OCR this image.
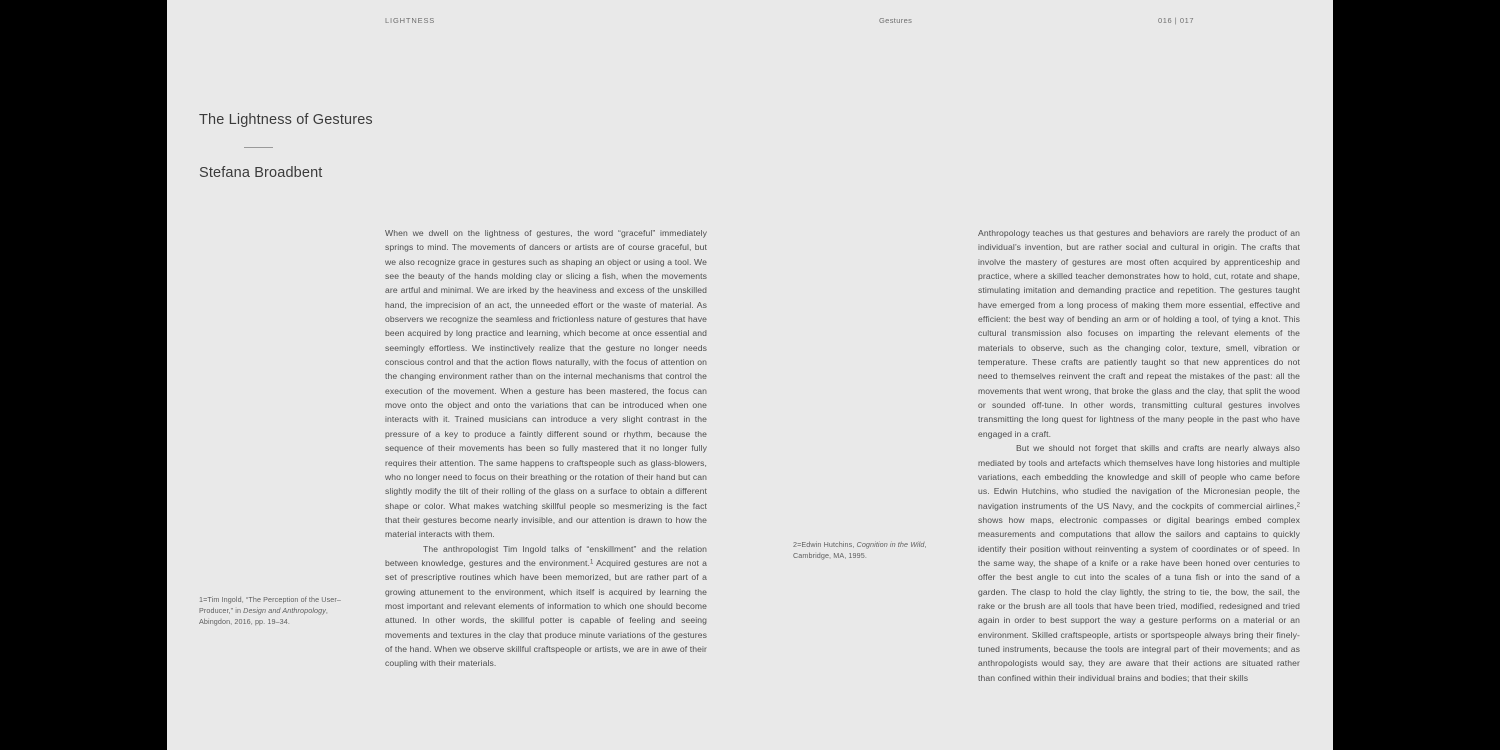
LIGHTNESS	Gestures	016 | 017
The Lightness of Gestures
Stefana Broadbent

When we dwell on the lightness of gestures, the word “graceful” immediately springs to mind. The movements of dancers or artists are of course graceful, but we also recognize grace in gestures such as shaping an object or using a tool. We see the beauty of the hands molding clay or slicing a fish, when the movements are artful and minimal. We are irked by the heaviness and excess of the unskilled hand, the imprecision of an act, the unneeded effort or the waste of material. As observers we recognize the seamless and frictionless nature of gestures that have been acquired by long practice and learning, which become at once essential and seemingly effortless. We instinctively realize that the gesture no longer needs conscious control and that the action flows naturally, with the focus of attention on the changing environment rather than on the internal mechanisms that control the execution of the movement. When a gesture has been mastered, the focus can move onto the object and onto the variations that can be introduced when one interacts with it. Trained musicians can introduce a very slight contrast in the pressure of a key to produce a faintly different sound or rhythm, because the sequence of their movements has been so fully mastered that it no longer fully requires their attention. The same happens to craftspeople such as glass-blowers, who no longer need to focus on their breathing or the rotation of their hand but can slightly modify the tilt of their rolling of the glass on a surface to obtain a different shape or color. What makes watching skillful people so mesmerizing is the fact that their gestures become nearly invisible, and our attention is drawn to how the material interacts with them.

The anthropologist Tim Ingold talks of “enskillment” and the relation between knowledge, gestures and the environment.$^1$ Acquired gestures are not a set of prescriptive routines which have been memorized, but are rather part of a growing attunement to the environment, which itself is acquired by learning the most important and relevant elements of information to which one should become attuned. In other words, the skillful potter is capable of feeling and seeing movements and textures in the clay that produce minute variations of the gestures of the hand. When we observe skillful craftspeople or artists, we are in awe of their coupling with their materials.

Anthropology teaches us that gestures and behaviors are rarely the product of an individual’s invention, but are rather social and cultural in origin. The crafts that involve the mastery of gestures are most often acquired by apprenticeship and practice, where a skilled teacher demonstrates how to hold, cut, rotate and shape, stimulating imitation and demanding practice and repetition. The gestures taught have emerged from a long process of making them more essential, effective and efficient: the best way of bending an arm or of holding a tool, of tying a knot. This cultural transmission also focuses on imparting the relevant elements of the materials to observe, such as the changing color, texture, smell, vibration or temperature. These crafts are patiently taught so that new apprentices do not need to themselves reinvent the craft and repeat the mistakes of the past: all the movements that went wrong, that broke the glass and the clay, that split the wood or sounded off-tune. In other words, transmitting cultural gestures involves transmitting the long quest for lightness of the many people in the past who have engaged in a craft.

But we should not forget that skills and crafts are nearly always also mediated by tools and artefacts which themselves have long histories and multiple variations, each embedding the knowledge and skill of people who came before us. Edwin Hutchins, who studied the navigation of the Micronesian people, the navigation instruments of the US Navy, and the cockpits of commercial airlines,$^2$ shows how maps, electronic compasses or digital bearings embed complex measurements and computations that allow the sailors and captains to quickly identify their position without reinventing a system of coordinates or of speed. In the same way, the shape of a knife or a rake have been honed over centuries to offer the best angle to cut into the scales of a tuna fish or into the sand of a garden. The clasp to hold the clay lightly, the string to tie, the bow, the sail, the rake or the brush are all tools that have been tried, modified, redesigned and tried again in order to best support the way a gesture performs on a material or an environment. Skilled craftspeople, artists or sportspeople always bring their finely-tuned instruments, because the tools are integral part of their movements; and as anthropologists would say, they are aware that their actions are situated rather than confined within their individual brains and bodies; that their skills

1=Tim Ingold, “The Perception of the User–Producer,” in Design and Anthropology, Abingdon, 2016, pp. 19–34.
2=Edwin Hutchins, Cognition in the Wild, Cambridge, MA, 1995.
